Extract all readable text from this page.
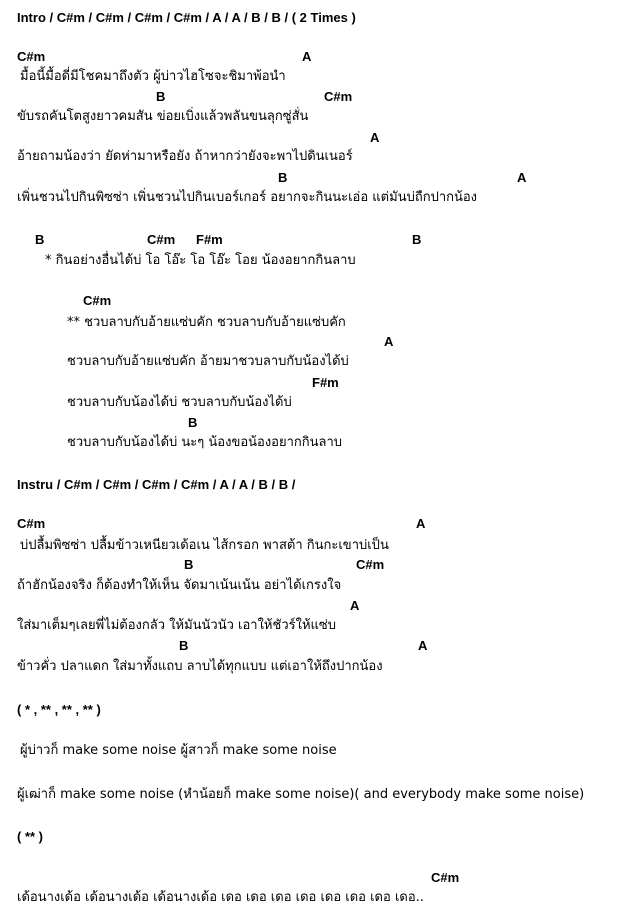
Intro / C#m / C#m / C#m / C#m / A / A / B / B / ( 2 Times )
C#m	A
มื้อนี้มื้อดี่มีโชคมาถึงตัว ผู้บ่าวไฮโซจะชิมาพ้อนำ
B	C#m
ขับรถคันโตสูงยาวคมสัน ข่อยเบิ่งแล้วพลันขนลุกซู่สั่น
A
อ้ายถามน้องว่า ยัดห่ามาหรือยัง ถ้าหากว่ายังจะพาไปดินเนอร์
B	A
เพิ่นชวนไปกินพิซซ่า เพิ่นชวนไปกินเบอร์เกอร์ อยากจะกินนะเอ่อ แต่มันบ่ถืกปากน้อง
B	C#m F#m	B
* กินอย่างอื่นได้บ่ โอ โอ๊ะ โอ โอ๊ะ โอย น้องอยากกินลาบ
C#m
** ชวบลาบกับอ้ายแซ่บคัก ชวบลาบกับอ้ายแซ่บคัก
A
ชวบลาบกับอ้ายแซ่บคัก อ้ายมาชวบลาบกับน้องได้บ่
F#m
ชวบลาบกับน้องได้บ่ ชวบลาบกับน้องได้บ่
B
ชวบลาบกับน้องได้บ่ นะๆ น้องขอน้องอยากกินลาบ
Instru / C#m / C#m / C#m / C#m / A / A / B / B /
C#m	A
บ่ปลื้มพิซซ่า ปลื้มข้าวเหนียวเด้อเน ไส้กรอก พาสต้า กินกะเขาบ่เป็น
B	C#m
ถ้าฮักน้องจริง ก็ต้องทำให้เห็น จัดมาเน้นเน้น อย่าได้เกรงใจ
A
ใส่มาเต็มๆเลยพี่ไม่ต้องกลัว ให้มันนัวนัว เอาให้ชัวร์ให้แซ่บ
B	A
ข้าวคั่ว ปลาแดก ใส่มาทั้งแถบ ลาบได้ทุกแบบ แต่เอาให้ถึงปากน้อง
( * , ** , ** , ** )
ผู้บ่าวก็ make some noise ผู้สาวก็ make some noise
ผู้เฒ่าก็ make some noise (หำน้อยก็ make some noise)( and everybody make some noise)
( ** )
C#m
เด้อนางเด้อ เด้อนางเด้อ เด้อนางเด้อ เดอ เดอ เดอ เดอ เดอ เดอ เดอ เดอ..
